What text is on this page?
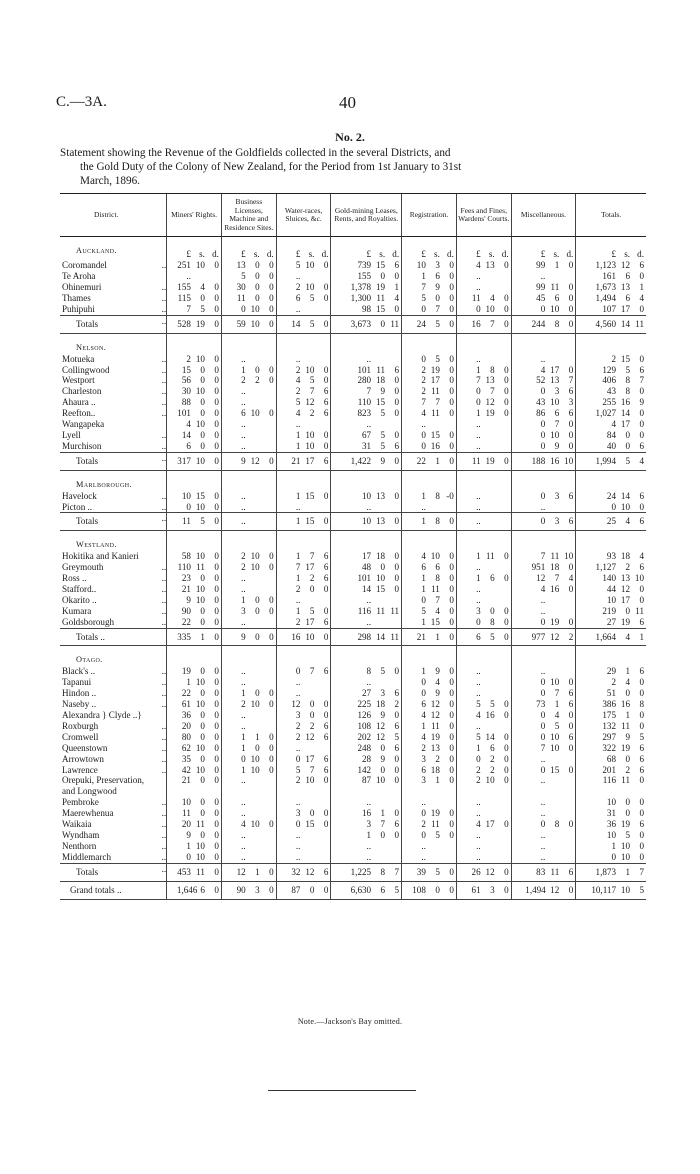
C.—3A.	40
No. 2.
Statement showing the Revenue of the Goldfields collected in the several Districts, and
the Gold Duty of the Colony of New Zealand, for the Period from 1st January to 31st
March, 1896.
District.		Miners' Rights.	Business Licenses, Machine and Residence Sites.	Water-races, Sluices, &c.	Gold-mining Leases, Rents, and Royalties.	Registration.	Fees and Fines, Wardens' Courts.	Miscellaneous.	Totals.
Auckland.		£ s. d.	£ s. d.	£ s. d.	£ s. d.	£ s. d.	£ s. d.	£ s. d.	£ s. d.
Coromandel	..	251 10 0	13 0 0	5 10 0	739 15 6	10 3 0	4 13 0	99 1 0	1,123 12 6
Te Aroha		..	5 0 0	..	155 0 0	1 6 0	..	..	161 6 0
Ohinemuri	..	155 4 0	30 0 0	2 10 0	1,378 19 1	7 9 0	..	99 11 0	1,673 13 1
Thames	..	115 0 0	11 0 0	6 5 0	1,300 11 4	5 0 0	11 4 0	45 6 0	1,494 6 4
Puhipuhi	..	7 5 0	0 10 0	..	98 15 0	0 7 0	0 10 0	0 10 0	107 17 0
Totals	..	528 19 0	59 10 0	14 5 0	3,673 0 11	24 5 0	16 7 0	244 8 0	4,560 14 11
Nelson.									
Motueka	..	2 10 0	..	..	..	0 5 0	..	..	2 15 0
Collingwood	..	15 0 0	1 0 0	2 10 0	101 11 6	2 19 0	1 8 0	4 17 0	129 5 6
Westport	..	56 0 0	2 2 0	4 5 0	280 18 0	2 17 0	7 13 0	52 13 7	406 8 7
Charleston	..	30 10 0	..	2 7 6	7 9 0	2 11 0	0 7 0	0 3 6	43 8 0
Ahaura ..	..	88 0 0	..	5 12 6	110 15 0	7 7 0	0 12 0	43 10 3	255 16 9
Reefton..	..	101 0 0	6 10 0	4 2 6	823 5 0	4 11 0	1 19 0	86 6 6	1,027 14 0
Wangapeka		4 10 0	..	..	..	..	..	0 7 0	4 17 0
Lyell	..	14 0 0	..	1 10 0	67 5 0	0 15 0	..	0 10 0	84 0 0
Murchison	..	6 0 0	..	1 10 0	31 5 6	0 16 0	..	0 9 0	40 0 6
Totals	..	317 10 0	9 12 0	21 17 6	1,422 9 0	22 1 0	11 19 0	188 16 10	1,994 5 4
Marlborough.									
Havelock	..	10 15 0	..	1 15 0	10 13 0	1 8 -0	..	0 3 6	24 14 6
Picton ..	..	0 10 0	..	..	..	..	..	..	0 10 0
Totals	..	11 5 0	..	1 15 0	10 13 0	1 8 0	..	0 3 6	25 4 6
Westland.									
Hokitika and Kanieri		58 10 0	2 10 0	1 7 6	17 18 0	4 10 0	1 11 0	7 11 10	93 18 4
Greymouth	..	110 11 0	2 10 0	7 17 6	48 0 0	6 6 0	..	951 18 0	1,127 2 6
Ross ..	..	23 0 0	..	1 2 6	101 10 0	1 8 0	1 6 0	12 7 4	140 13 10
Stafford..	..	21 10 0	..	2 0 0	14 15 0	1 11 0	..	4 16 0	44 12 0
Okarito ..	..	9 10 0	1 0 0	..	..	0 7 0	..	..	10 17 0
Kumara	..	90 0 0	3 0 0	1 5 0	116 11 11	5 4 0	3 0 0	..	219 0 11
Goldsborough	..	22 0 0	..	2 17 6	..	1 15 0	0 8 0	0 19 0	27 19 6
Totals ..		335 1 0	9 0 0	16 10 0	298 14 11	21 1 0	6 5 0	977 12 2	1,664 4 1
Otago.									
Black's ..	..	19 0 0	..	0 7 6	8 5 0	1 9 0	..	..	29 1 6
Tapanui	..	1 10 0	..	..	..	0 4 0	..	0 10 0	2 4 0
Hindon ..	..	22 0 0	1 0 0	..	27 3 6	0 9 0	..	0 7 6	51 0 0
Naseby ..	..	61 10 0	2 10 0	12 0 0	225 18 2	6 12 0	5 5 0	73 1 6	386 16 8
Alexandra } Clyde ..}		36 0 0	..	3 0 0	126 9 0	4 12 0	4 16 0	0 4 0	175 1 0
Roxburgh	..	20 0 0	..	2 2 6	108 12 6	1 11 0	..	0 5 0	132 11 0
Cromwell	..	80 0 0	1 1 0	2 12 6	202 12 5	4 19 0	5 14 0	0 10 6	297 9 5
Queenstown	..	62 10 0	1 0 0	..	248 0 6	2 13 0	1 6 0	7 10 0	322 19 6
Arrowtown	..	35 0 0	0 10 0	0 17 6	28 9 0	3 2 0	0 2 0	..	68 0 6
Lawrence	..	42 10 0	1 10 0	5 7 6	142 0 0	6 18 0	2 2 0	0 15 0	201 2 6
Orepuki, Preservation, and Longwood		21 0 0	..	2 10 0	87 10 0	3 1 0	2 10 0	..	116 11 0
Pembroke	..	10 0 0	..	..	..	..	..	..	10 0 0
Maerewhenua	..	11 0 0	..	3 0 0	16 1 0	0 19 0	..	..	31 0 0
Waikaia	..	20 11 0	4 10 0	0 15 0	3 7 6	2 11 0	4 17 0	0 8 0	36 19 6
Wyndham	..	9 0 0	..	..	1 0 0	0 5 0	..	..	10 5 0
Nenthorn	..	1 10 0	..	..	..	..	..	..	1 10 0
Middlemarch	..	0 10 0	..	..	..	..	..	..	0 10 0
Totals	..	453 11 0	12 1 0	32 12 6	1,225 8 7	39 5 0	26 12 0	83 11 6	1,873 1 7
Grand totals ..		1,646 6 0	90 3 0	87 0 0	6,630 6 5	108 0 0	61 3 0	1,494 12 0	10,117 10 5
Note.—Jackson's Bay omitted.
